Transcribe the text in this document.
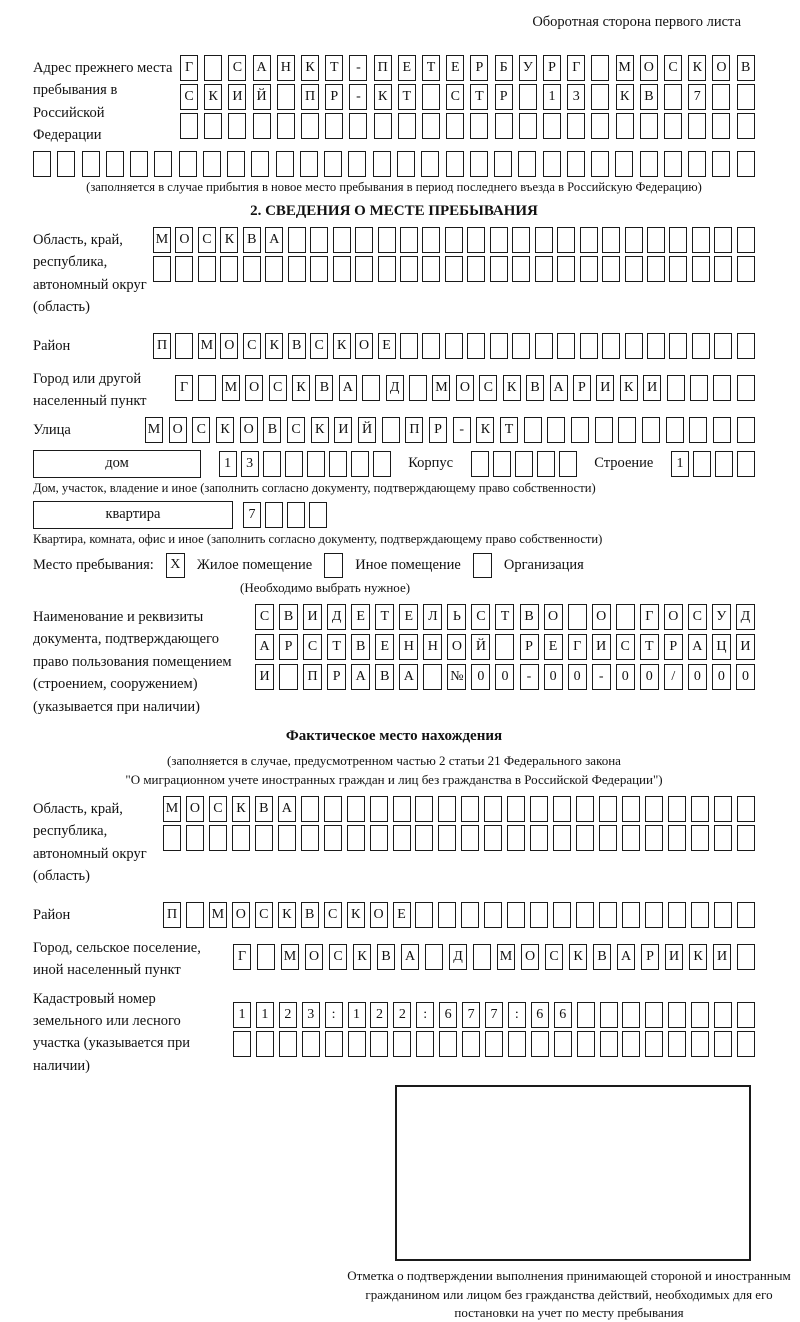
Оборотная сторона первого листа
Адрес прежнего места пребывания в Российской Федерации
Г	С	А Н	К	Т	-	П	Е	Т	Е	Р	Б	У	Р	Г	М О	С	К	О	В
С	К	И Й	П	Р	-	К	Т	С	Т	Р	1	3	К	В	7
(заполняется в случае прибытия в новое место пребывания в период последнего въезда в Российскую Федерацию)
2. СВЕДЕНИЯ О МЕСТЕ ПРЕБЫВАНИЯ
Область, край, республика, автономный округ (область)
М О С К В А
Район	П М О С К В С К О Е
Город или другой населенный пункт
Г	М О С	К	В А	Д	М О С	К	В А	Р	И К И
Улица	М О С	К О В	С	К И Й	П	Р	-	К	Т
дом	1	3	Корпус	Строение	1
Дом, участок, владение и иное (заполнить согласно документу, подтверждающему право собственности)
квартира	7
Квартира, комната, офис и иное (заполнить согласно документу, подтверждающему право собственности)
Место пребывания:	X	Жилое помещение	Иное помещение	Организация
(Необходимо выбрать нужное)
Наименование и реквизиты документа, подтверждающего право пользования помещением (строением, сооружением) (указывается при наличии)
С	В	И	Д	Е	Т	Е	Л	Ь	С	Т	В	О	О	Г	О	С	У	Д
А	Р	С	Т	В	Е	Н Н О Й	Р	Е	Г	И	С	Т	Р	А Ц И
И	П	Р	А	В	А	№ 0	0	-	0	0	-	0	0	/	0	0	0
Фактическое место нахождения
(заполняется в случае, предусмотренном частью 2 статьи 21 Федерального закона
"О миграционном учете иностранных граждан и лиц без гражданства в Российской Федерации")
Область, край, республика, автономный округ (область)
М О С К В А
Район	П М О С К В С К О Е
Город, сельское поселение, иной населенный пункт
Г	М О	С	К	В	А	Д	М О	С	К	В	А	Р	И	К	И
Кадастровый номер земельного или лесного участка (указывается при наличии)
1	1	2	3	:	1	2	2	:	6	7	7	:	6	6
Отметка о подтверждении выполнения принимающей стороной и иностранным гражданином или лицом без гражданства действий, необходимых для его постановки на учет по месту пребывания
